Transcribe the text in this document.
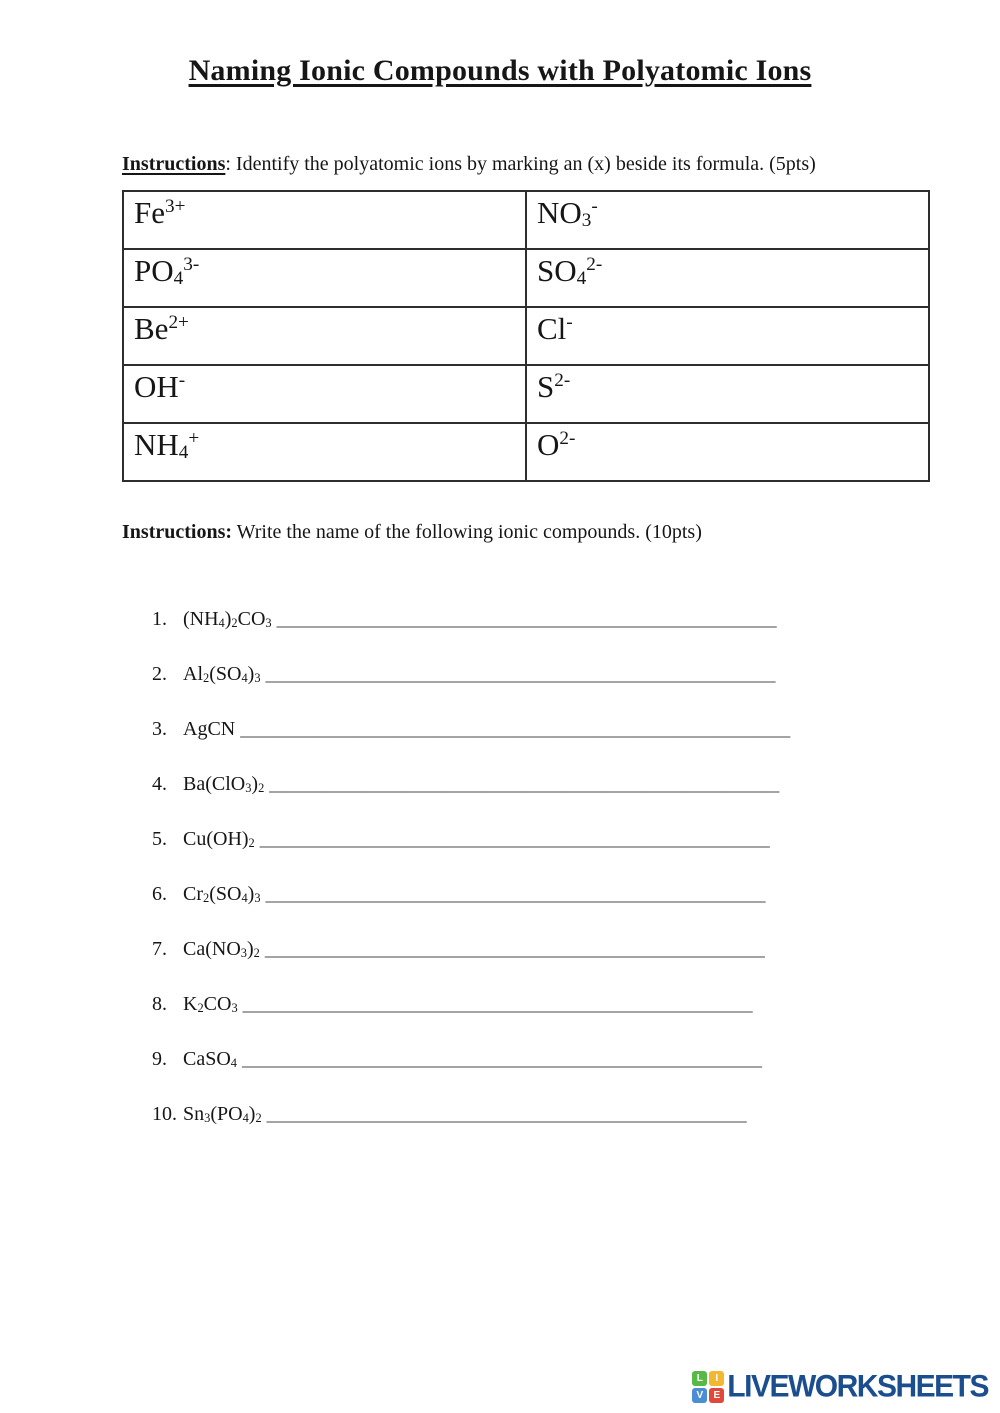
Naming Ionic Compounds with Polyatomic Ions

Instructions: Identify the polyatomic ions by marking an (x) beside its formula. (5pts)

$Fe^{3+}$	$NO_3^-$
$PO_4^{3-}$	$SO_4^{2-}$
$Be^{2+}$	Cl-
OH-	$S^{2-}$
$NH_4^+$	$O^{2-}$

Instructions: Write the name of the following ionic compounds. (10pts)

1. $(NH_4)_2CO_3$ __________________________________________________
2. $Al_2(SO_4)_3$ ___________________________________________________
3. AgCN _______________________________________________________
4. $Ba(ClO_3)_2$ ___________________________________________________
5. $Cu(OH)_2$ ___________________________________________________
6. $Cr_2(SO_4)_3$ __________________________________________________
7. $Ca(NO_3)_2$ __________________________________________________
8. $K_2CO_3$ ___________________________________________________
9. CaSO$_4$ ____________________________________________________
10. $Sn_3(PO_4)_2$ ________________________________________________
L	I
V	E LIVEWORKSHEETS
